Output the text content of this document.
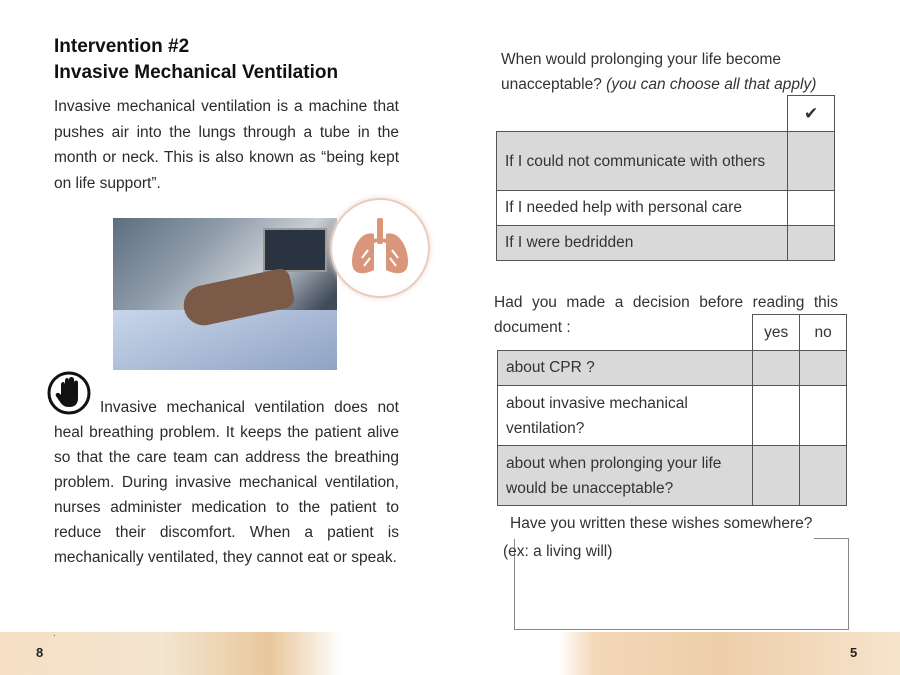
Intervention #2
Invasive Mechanical Ventilation
Invasive mechanical ventilation is a machine that pushes air into the lungs through a tube in the month or neck. This is also known as “being kept on life support”.
Invasive mechanical ventilation does not heal breathing problem. It keeps the patient alive so that the care team can address the breathing problem. During invasive mechanical ventilation, nurses administer medication to the patient to reduce their discomfort. When a patient is mechanically ventilated, they cannot eat or speak.
When would prolonging your life become unacceptable? (you can choose all that apply)
	✔
If I could not communicate with others	
If I needed help with personal care	
If I were bedridden	
Had you made a decision before reading this document :
		yes	no
about CPR ?		
about invasive mechanical ventilation?		
about when prolonging your life would be unacceptable?		
Have you written these wishes somewhere?
(ex: a living will)
.
8	5
